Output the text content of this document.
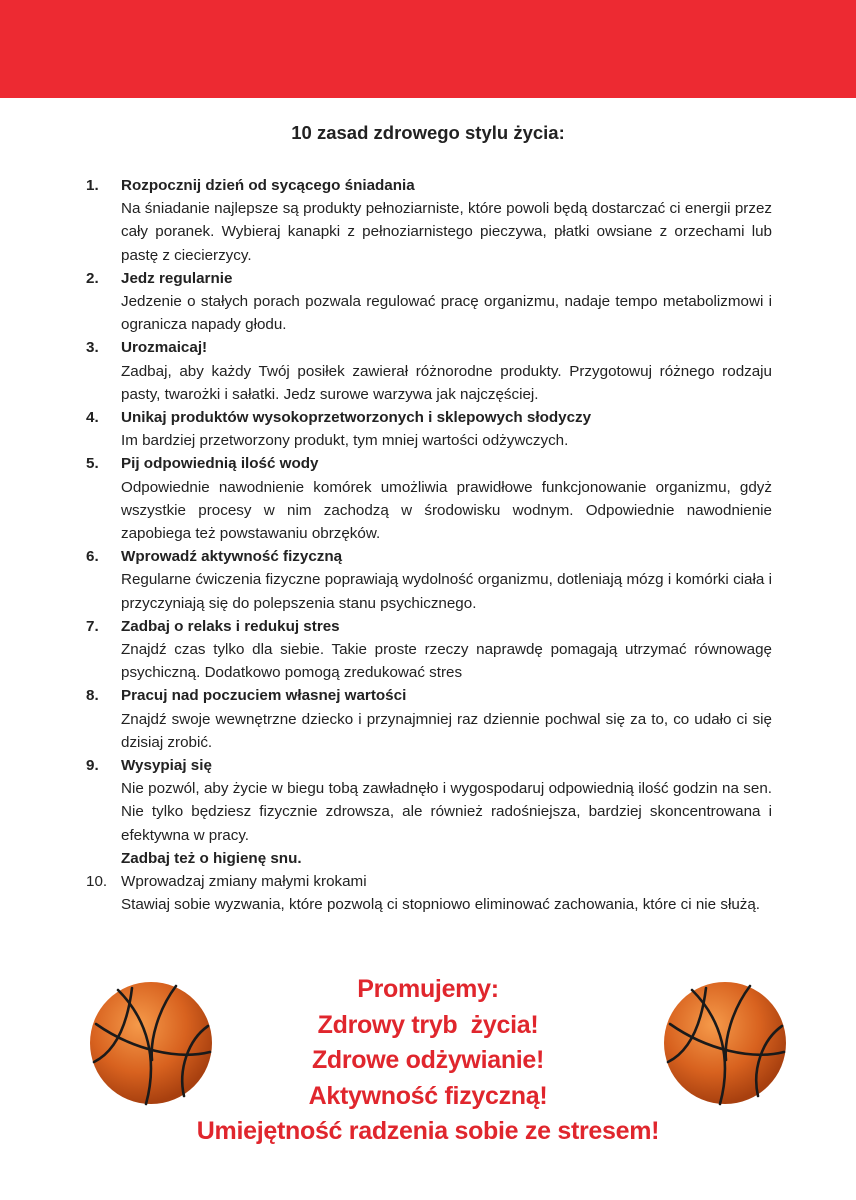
10 zasad zdrowego stylu życia:
1.	Rozpocznij dzień od sycącego śniadania
Na śniadanie najlepsze są produkty pełnoziarniste, które powoli będą dostarczać ci energii przez cały poranek. Wybieraj kanapki z pełnoziarnistego pieczywa, płatki owsiane z orzechami lub pastę z ciecierzycy.
2.	Jedz regularnie
Jedzenie o stałych porach pozwala regulować pracę organizmu, nadaje tempo metabolizmowi i ogranicza napady głodu.
3.	Urozmaicaj!
Zadbaj, aby każdy Twój posiłek zawierał różnorodne produkty. Przygotowuj różnego rodzaju pasty, twarożki i sałatki. Jedz surowe warzywa jak najczęściej.
4.	Unikaj produktów wysokoprzetworzonych i sklepowych słodyczy
Im bardziej przetworzony produkt, tym mniej wartości odżywczych.
5.	Pij odpowiednią ilość wody
Odpowiednie nawodnienie komórek umożliwia prawidłowe funkcjonowanie organizmu, gdyż wszystkie procesy w nim zachodzą w środowisku wodnym. Odpowiednie nawodnienie zapobiega też powstawaniu obrzęków.
6.	Wprowadź aktywność fizyczną
Regularne ćwiczenia fizyczne poprawiają wydolność organizmu, dotleniają mózg i komórki ciała i przyczyniają się do polepszenia stanu psychicznego.
7.	Zadbaj o relaks i redukuj stres
Znajdź czas tylko dla siebie. Takie proste rzeczy naprawdę pomagają utrzymać równowagę psychiczną. Dodatkowo pomogą zredukować stres
8.	Pracuj nad poczuciem własnej wartości
Znajdź swoje wewnętrzne dziecko i przynajmniej raz dziennie pochwal się za to, co udało ci się dzisiaj zrobić.
9.	Wysypiaj się
Nie pozwól, aby życie w biegu tobą zawładnęło i wygospodaruj odpowiednią ilość godzin na sen. Nie tylko będziesz fizycznie zdrowsza, ale również radośniejsza, bardziej skoncentrowana i efektywna w pracy.
Zadbaj też o higienę snu.
10. Wprowadzaj zmiany małymi krokami
Stawiaj sobie wyzwania, które pozwolą ci stopniowo eliminować zachowania, które ci nie służą.
Promujemy:
Zdrowy tryb  życia!
Zdrowe odżywianie!
Aktywność fizyczną!
Umiejętność radzenia sobie ze stresem!
